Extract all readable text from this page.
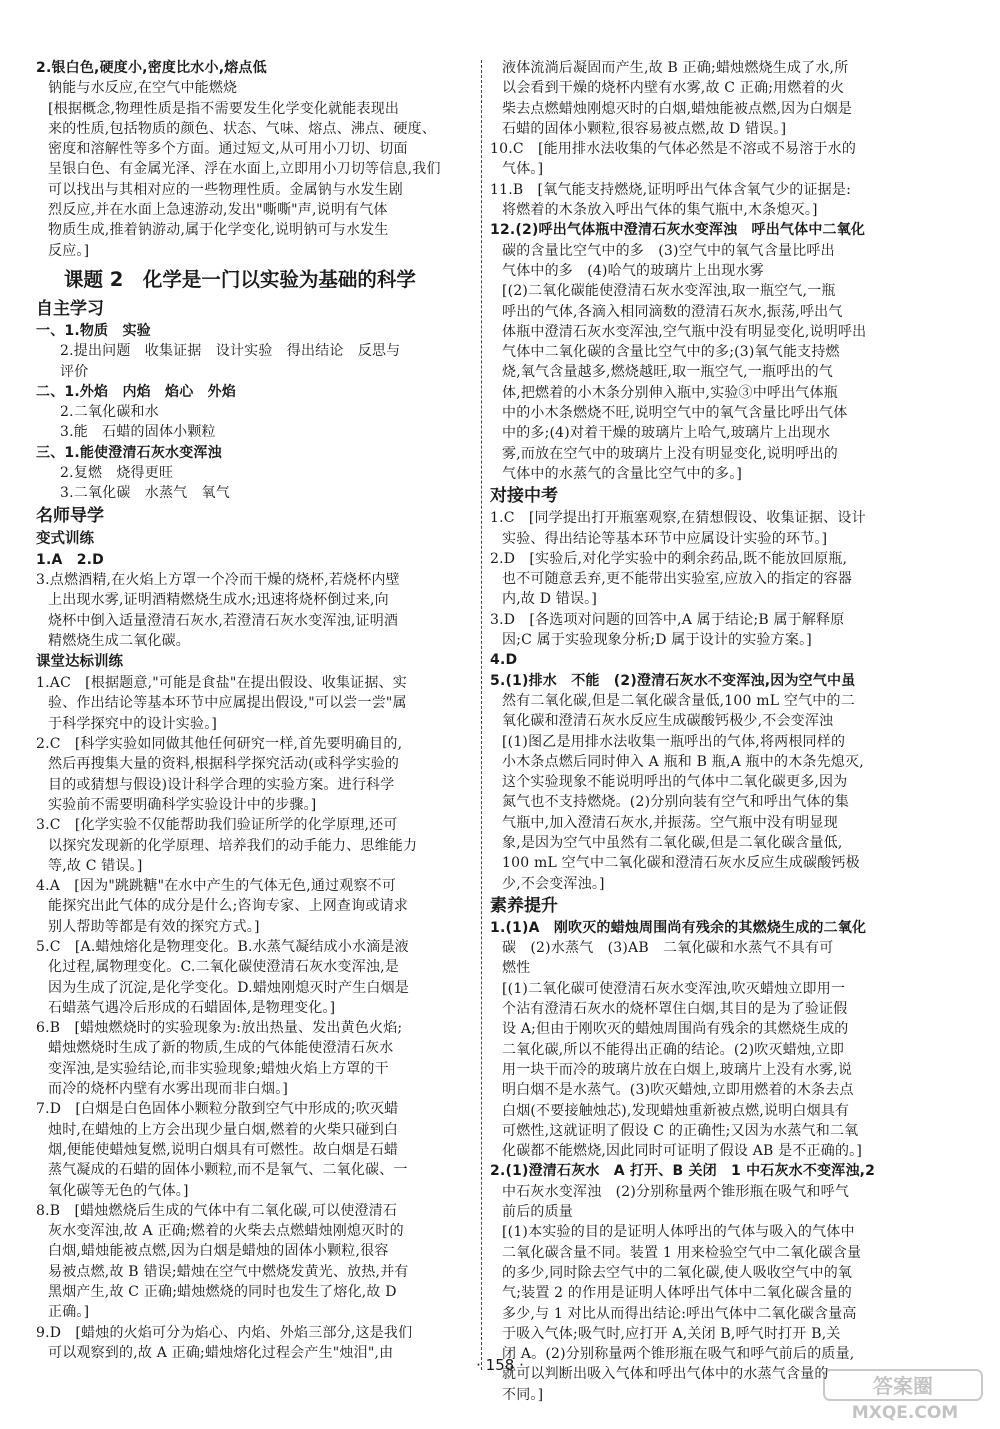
2.银白色,硬度小,密度比水小,熔点低
钠能与水反应,在空气中能燃烧
[根据概念,物理性质是指不需要发生化学变化就能表现出
来的性质,包括物质的颜色、状态、气味、熔点、沸点、硬度、
密度和溶解性等多个方面。通过短文,从可用小刀切、切面
呈银白色、有金属光泽、浮在水面上,立即用小刀切等信息,我们
可以找出与其相对应的一些物理性质。金属钠与水发生剧
烈反应,并在水面上急速游动,发出"嘶嘶"声,说明有气体
物质生成,推着钠游动,属于化学变化,说明钠可与水发生
反应。]
课题 2　化学是一门以实验为基础的科学
自主学习
一、1.物质　实验
2.提出问题　收集证据　设计实验　得出结论　反思与
评价
二、1.外焰　内焰　焰心　外焰
2.二氧化碳和水
3.能　石蜡的固体小颗粒
三、1.能使澄清石灰水变浑浊
2.复燃　烧得更旺
3.二氧化碳　水蒸气　氧气
名师导学
变式训练
1.A　2.D
3.点燃酒精,在火焰上方罩一个冷而干燥的烧杯,若烧杯内壁
上出现水雾,证明酒精燃烧生成水;迅速将烧杯倒过来,向
烧杯中倒入适量澄清石灰水,若澄清石灰水变浑浊,证明酒
精燃烧生成二氧化碳。
课堂达标训练
1.AC　[根据题意,"可能是食盐"在提出假设、收集证据、实
验、作出结论等基本环节中应属提出假设,"可以尝一尝"属
于科学探究中的设计实验。]
2.C　[科学实验如同做其他任何研究一样,首先要明确目的,
然后再搜集大量的资料,根据科学探究活动(或科学实验的
目的或猜想与假设)设计科学合理的实验方案。进行科学
实验前不需要明确科学实验设计中的步骤。]
3.C　[化学实验不仅能帮助我们验证所学的化学原理,还可
以探究发现新的化学原理、培养我们的动手能力、思维能力
等,故 C 错误。]
4.A　[因为"跳跳糖"在水中产生的气体无色,通过观察不可
能探究出此气体的成分是什么;咨询专家、上网查询或请求
别人帮助等都是有效的探究方式。]
5.C　[A.蜡烛熔化是物理变化。B.水蒸气凝结成小水滴是液
化过程,属物理变化。C.二氧化碳使澄清石灰水变浑浊,是
因为生成了沉淀,是化学变化。D.蜡烛刚熄灭时产生白烟是
石蜡蒸气遇冷后形成的石蜡固体,是物理变化。]
6.B　[蜡烛燃烧时的实验现象为:放出热量、发出黄色火焰;
蜡烛燃烧时生成了新的物质,生成的气体能使澄清石灰水
变浑浊,是实验结论,而非实验现象;蜡烛火焰上方罩的干
而冷的烧杯内壁有水雾出现而非白烟。]
7.D　[白烟是白色固体小颗粒分散到空气中形成的;吹灭蜡
烛时,在蜡烛的上方会出现少量白烟,燃着的火柴只碰到白
烟,便能使蜡烛复燃,说明白烟具有可燃性。故白烟是石蜡
蒸气凝成的石蜡的固体小颗粒,而不是氧气、二氧化碳、一
氧化碳等无色的气体。]
8.B　[蜡烛燃烧后生成的气体中有二氧化碳,可以使澄清石
灰水变浑浊,故 A 正确;燃着的火柴去点燃蜡烛刚熄灭时的
白烟,蜡烛能被点燃,因为白烟是蜡烛的固体小颗粒,很容
易被点燃,故 B 错误;蜡烛在空气中燃烧发黄光、放热,并有
黑烟产生,故 C 正确;蜡烛燃烧的同时也发生了熔化,故 D
正确。]
9.D　[蜡烛的火焰可分为焰心、内焰、外焰三部分,这是我们
可以观察到的,故 A 正确;蜡烛熔化过程会产生"烛泪",由
液体流淌后凝固而产生,故 B 正确;蜡烛燃烧生成了水,所
以会看到干燥的烧杯内壁有水雾,故 C 正确;用燃着的火
柴去点燃蜡烛刚熄灭时的白烟,蜡烛能被点燃,因为白烟是
石蜡的固体小颗粒,很容易被点燃,故 D 错误。]
10.C　[能用排水法收集的气体必然是不溶或不易溶于水的
气体。]
11.B　[氧气能支持燃烧,证明呼出气体含氧气少的证据是:
将燃着的木条放入呼出气体的集气瓶中,木条熄灭。]
12.(2)呼出气体瓶中澄清石灰水变浑浊　呼出气体中二氧化
碳的含量比空气中的多　(3)空气中的氧气含量比呼出
气体中的多　(4)哈气的玻璃片上出现水雾
[(2)二氧化碳能使澄清石灰水变浑浊,取一瓶空气,一瓶
呼出的气体,各滴入相同滴数的澄清石灰水,振荡,呼出气
体瓶中澄清石灰水变浑浊,空气瓶中没有明显变化,说明呼出
气体中二氧化碳的含量比空气中的多;(3)氧气能支持燃
烧,氧气含量越多,燃烧越旺,取一瓶空气,一瓶呼出的气
体,把燃着的小木条分别伸入瓶中,实验③中呼出气体瓶
中的小木条燃烧不旺,说明空气中的氧气含量比呼出气体
中的多;(4)对着干燥的玻璃片上哈气,玻璃片上出现水
雾,而放在空气中的玻璃片上没有明显变化,说明呼出的
气体中的水蒸气的含量比空气中的多。]
对接中考
1.C　[同学提出打开瓶塞观察,在猜想假设、收集证据、设计
实验、得出结论等基本环节中应属设计实验的环节。]
2.D　[实验后,对化学实验中的剩余药品,既不能放回原瓶,
也不可随意丢弃,更不能带出实验室,应放入的指定的容器
内,故 D 错误。]
3.D　[各选项对问题的回答中,A 属于结论;B 属于解释原
因;C 属于实验现象分析;D 属于设计的实验方案。]
4.D
5.(1)排水　不能　(2)澄清石灰水不变浑浊,因为空气中虽
然有二氧化碳,但是二氧化碳含量低,100 mL 空气中的二
氧化碳和澄清石灰水反应生成碳酸钙极少,不会变浑浊
[(1)图乙是用排水法收集一瓶呼出的气体,将两根同样的
小木条点燃后同时伸入 A 瓶和 B 瓶,A 瓶中的木条先熄灭,
这个实验现象不能说明呼出的气体中二氧化碳更多,因为
氮气也不支持燃烧。(2)分别向装有空气和呼出气体的集
气瓶中,加入澄清石灰水,并振荡。空气瓶中没有明显现
象,是因为空气中虽然有二氧化碳,但是二氧化碳含量低,
100 mL 空气中二氧化碳和澄清石灰水反应生成碳酸钙极
少,不会变浑浊。]
素养提升
1.(1)A　刚吹灭的蜡烛周围尚有残余的其燃烧生成的二氧化
碳　(2)水蒸气　(3)AB　二氧化碳和水蒸气不具有可
燃性
[(1)二氧化碳可使澄清石灰水变浑浊,吹灭蜡烛立即用一
个沾有澄清石灰水的烧杯罩住白烟,其目的是为了验证假
设 A;但由于刚吹灭的蜡烛周围尚有残余的其燃烧生成的
二氧化碳,所以不能得出正确的结论。(2)吹灭蜡烛,立即
用一块干而冷的玻璃片放在白烟上,玻璃片上没有水雾,说
明白烟不是水蒸气。(3)吹灭蜡烛,立即用燃着的木条去点
白烟(不要接触烛芯),发现蜡烛重新被点燃,说明白烟具有
可燃性,这就证明了假设 C 的正确性;又因为水蒸气和二氧
化碳都不能燃烧,因此同时可证明了假设 AB 是不正确的。]
2.(1)澄清石灰水　A 打开、B 关闭　1 中石灰水不变浑浊,2
中石灰水变浑浊　(2)分别称量两个锥形瓶在吸气和呼气
前后的质量
[(1)本实验的目的是证明人体呼出的气体与吸入的气体中
二氧化碳含量不同。装置 1 用来检验空气中二氧化碳含量
的多少,同时除去空气中的二氧化碳,使人吸收空气中的氧
气;装置 2 的作用是证明人体呼出气体中二氧化碳含量的
多少,与 1 对比从而得出结论:呼出气体中二氧化碳含量高
于吸入气体;吸气时,应打开 A,关闭 B,呼气时打开 B,关
闭 A。(2)分别称量两个锥形瓶在吸气和呼气前后的质量,
就可以判断出吸入气体和呼出气体中的水蒸气含量的
不同。]
· 158 ·
答案圈
MXQE.COM
